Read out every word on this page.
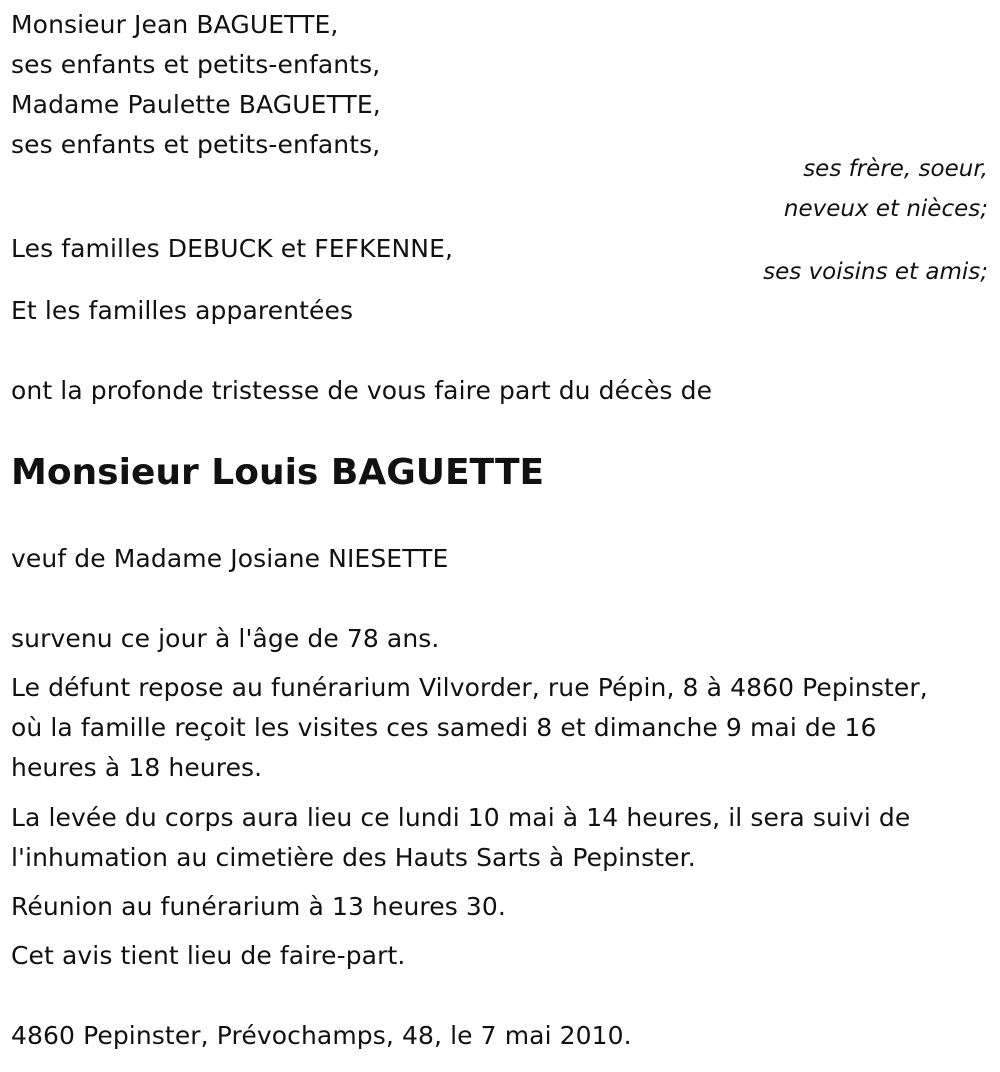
Monsieur Jean BAGUETTE,
ses enfants et petits-enfants,
Madame Paulette BAGUETTE,
ses enfants et petits-enfants,
ses frère, soeur,
neveux et nièces;
Les familles DEBUCK et FEFKENNE,
ses voisins et amis;
Et les familles apparentées
ont la profonde tristesse de vous faire part du décès de
Monsieur Louis BAGUETTE
veuf de Madame Josiane NIESETTE
survenu ce jour à l'âge de 78 ans.
Le défunt repose au funérarium Vilvorder, rue Pépin, 8 à 4860 Pepinster,
où la famille reçoit les visites ces samedi 8 et dimanche 9 mai de 16
heures à 18 heures.
La levée du corps aura lieu ce lundi 10 mai à 14 heures, il sera suivi de
l'inhumation au cimetière des Hauts Sarts à Pepinster.
Réunion au funérarium à 13 heures 30.
Cet avis tient lieu de faire-part.
4860 Pepinster, Prévochamps, 48, le 7 mai 2010.
